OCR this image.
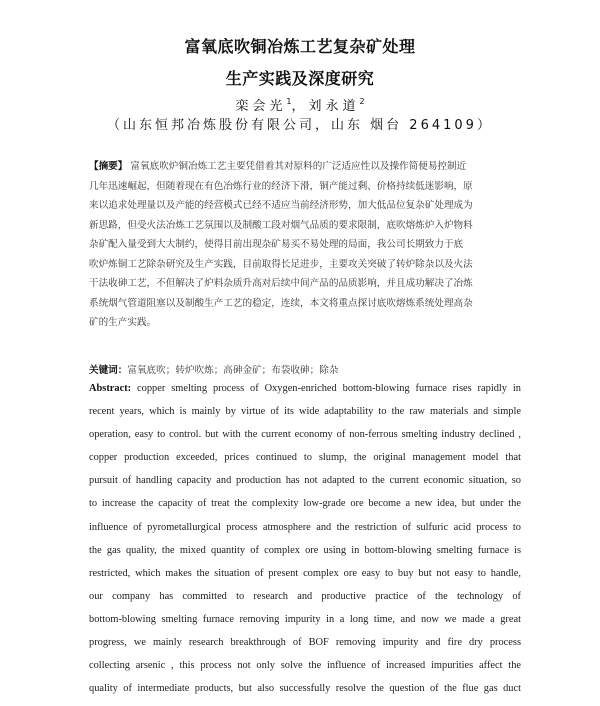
富氧底吹铜冶炼工艺复杂矿处理
生产实践及深度研究
栾会光$^1$，刘永道$^2$
（山东恒邦冶炼股份有限公司，山东 烟台 264109）
【摘要】 富氧底吹炉铜冶炼工艺主要凭借着其对原料的广泛适应性以及操作简便易控制近
几年迅速崛起，但随着现在有色冶炼行业的经济下滑，铜产能过剩、价格持续低迷影响，原
来以追求处理量以及产能的经营模式已经不适应当前经济形势，加大低品位复杂矿处理成为
新思路，但受火法冶炼工艺氛围以及制酸工段对烟气品质的要求限制，底吹熔炼炉入炉物料
杂矿配入量受到大大制约，使得目前出现杂矿易买不易处理的局面，我公司长期致力于底
吹炉炼铜工艺除杂研究及生产实践，目前取得长足进步，主要攻关突破了转炉除杂以及火法
干法收砷工艺，不但解决了炉料杂质升高对后续中间产品的品质影响，并且成功解决了冶炼
系统烟气管道阻塞以及制酸生产工艺的稳定，连续，本文将重点探讨底吹熔炼系统处理高杂
矿的生产实践。
关键词：富氧底吹；转炉吹炼；高砷金矿；布袋收砷；除杂
Abstract: copper smelting process of Oxygen-enriched bottom-blowing furnace rises rapidly in
recent years, which is mainly by virtue of its wide adaptability to the raw materials and simple
operation, easy to control. but with the current economy of non-ferrous smelting industry declined ,
copper production exceeded, prices continued to slump, the original management model that
pursuit of handling capacity and production has not adapted to the current economic situation, so
to increase the capacity of treat the complexity low-grade ore become a new idea, but under the
influence of pyrometallurgical process atmosphere and the restriction of sulfuric acid process to
the gas quality, the mixed quantity of complex ore using in bottom-blowing smelting furnace is
restricted, which makes the situation of present complex ore easy to buy but not easy to handle,
our company has committed to research and productive practice of the technology of
bottom-blowing smelting furnace removing impurity in a long time, and now we made a great
progress, we mainly research breakthrough of BOF removing impurity and fire dry process
collecting arsenic , this process not only solve the influence of increased impurities affect the
quality of intermediate products, but also successfully resolve the question of the flue gas duct
